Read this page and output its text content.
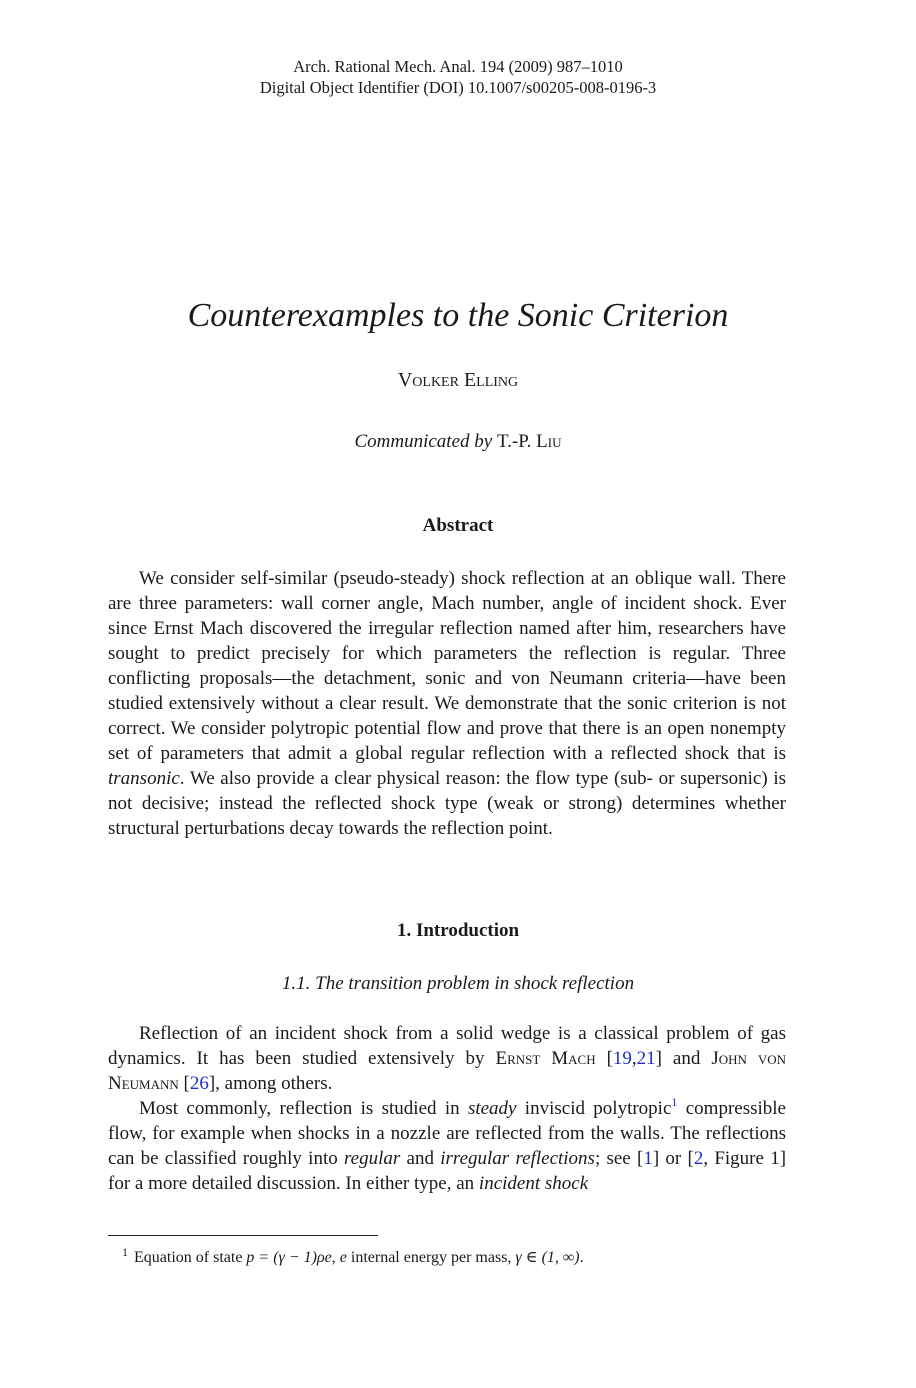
Arch. Rational Mech. Anal. 194 (2009) 987–1010
Digital Object Identifier (DOI) 10.1007/s00205-008-0196-3
Counterexamples to the Sonic Criterion
Volker Elling
Communicated by T.-P. Liu
Abstract
We consider self-similar (pseudo-steady) shock reflection at an oblique wall. There are three parameters: wall corner angle, Mach number, angle of incident shock. Ever since Ernst Mach discovered the irregular reflection named after him, researchers have sought to predict precisely for which parameters the reflection is regular. Three conflicting proposals—the detachment, sonic and von Neumann criteria—have been studied extensively without a clear result. We demonstrate that the sonic criterion is not correct. We consider polytropic potential flow and prove that there is an open nonempty set of parameters that admit a global regular reflection with a reflected shock that is transonic. We also provide a clear physical reason: the flow type (sub- or supersonic) is not decisive; instead the reflected shock type (weak or strong) determines whether structural perturbations decay towards the reflection point.
1. Introduction
1.1. The transition problem in shock reflection
Reflection of an incident shock from a solid wedge is a classical problem of gas dynamics. It has been studied extensively by Ernst Mach [19,21] and John von Neumann [26], among others.
Most commonly, reflection is studied in steady inviscid polytropic$^1$ compressible flow, for example when shocks in a nozzle are reflected from the walls. The reflections can be classified roughly into regular and irregular reflections; see [1] or [2, Figure 1] for a more detailed discussion. In either type, an incident shock
$^1$ Equation of state p = (γ − 1)ρe, e internal energy per mass, γ ∈ (1, ∞).
